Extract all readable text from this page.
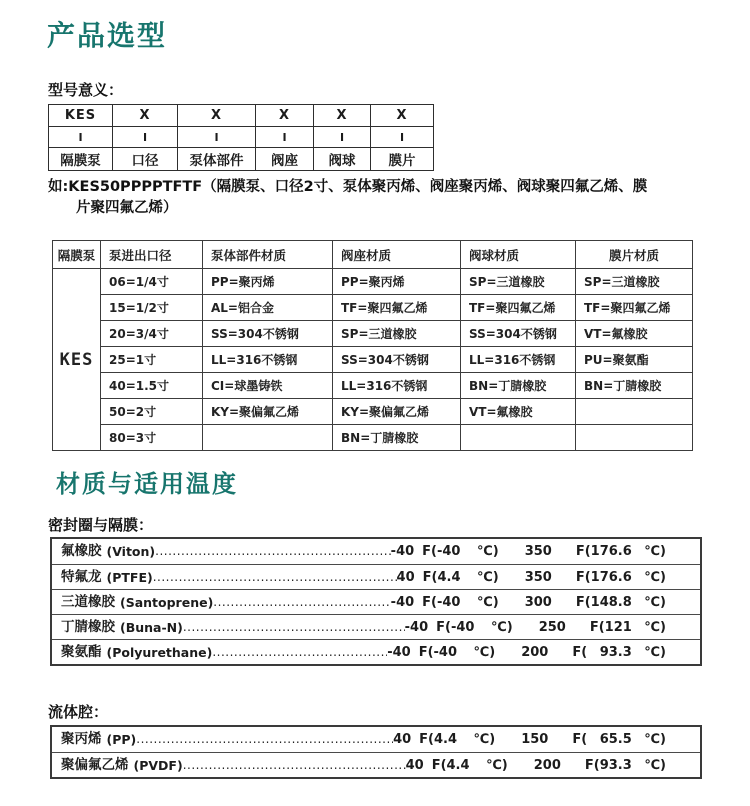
产品选型
型号意义：
KES	X	X	X	X	X
I	I	I	I	I	I
隔膜泵	口径	泵体部件	阀座	阀球	膜片
如:KES50PPPPTFTF（隔膜泵、口径2寸、泵体聚丙烯、阀座聚丙烯、阀球聚四氟乙烯、膜
片聚四氟乙烯）
隔膜泵	泵进出口径	泵体部件材质	阀座材质	阀球材质	膜片材质
KES	06=1/4寸	PP=聚丙烯	PP=聚丙烯	SP=三道橡胶	SP=三道橡胶
	15=1/2寸	AL=铝合金	TF=聚四氟乙烯	TF=聚四氟乙烯	TF=聚四氟乙烯
	20=3/4寸	SS=304不锈钢	SP=三道橡胶	SS=304不锈钢	VT=氟橡胶
	25=1寸	LL=316不锈钢	SS=304不锈钢	LL=316不锈钢	PU=聚氨酯
	40=1.5寸	CI=球墨铸铁	LL=316不锈钢	BN=丁腈橡胶	BN=丁腈橡胶
	50=2寸	KY=聚偏氟乙烯	KY=聚偏氟乙烯	VT=氟橡胶	
	80=3寸		BN=丁腈橡胶		
材质与适用温度
密封圈与隔膜：
氟橡胶 (Viton) .....	-40 F(-40 ℃) 350 F(176.6 ℃)
特氟龙 (PTFE) .....	40 F(4.4 ℃) 350 F(176.6 ℃)
三道橡胶 (Santoprene) .....	-40 F(-40 ℃) 300 F(148.8 ℃)
丁腈橡胶 (Buna-N) .....	-40 F(-40 ℃) 250 F(121 ℃)
聚氨酯 (Polyurethane) .....	-40 F(-40 ℃) 200 F( 93.3 ℃)
流体腔：
聚丙烯 (PP) .....	40 F(4.4 ℃) 150 F( 65.5 ℃)
聚偏氟乙烯 (PVDF) .....	40 F(4.4 ℃) 200 F(93.3 ℃)
